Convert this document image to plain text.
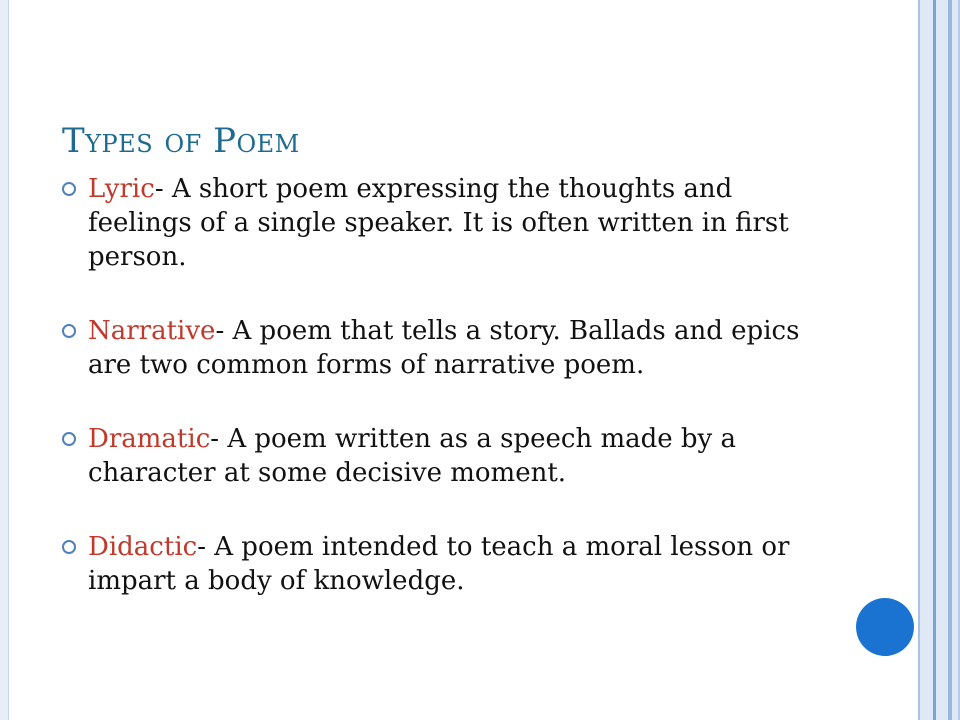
Types of Poem
Lyric- A short poem expressing the thoughts and feelings of a single speaker. It is often written in first person.
Narrative- A poem that tells a story. Ballads and epics are two common forms of narrative poem.
Dramatic- A poem written as a speech made by a character at some decisive moment.
Didactic- A poem intended to teach a moral lesson or impart a body of knowledge.
